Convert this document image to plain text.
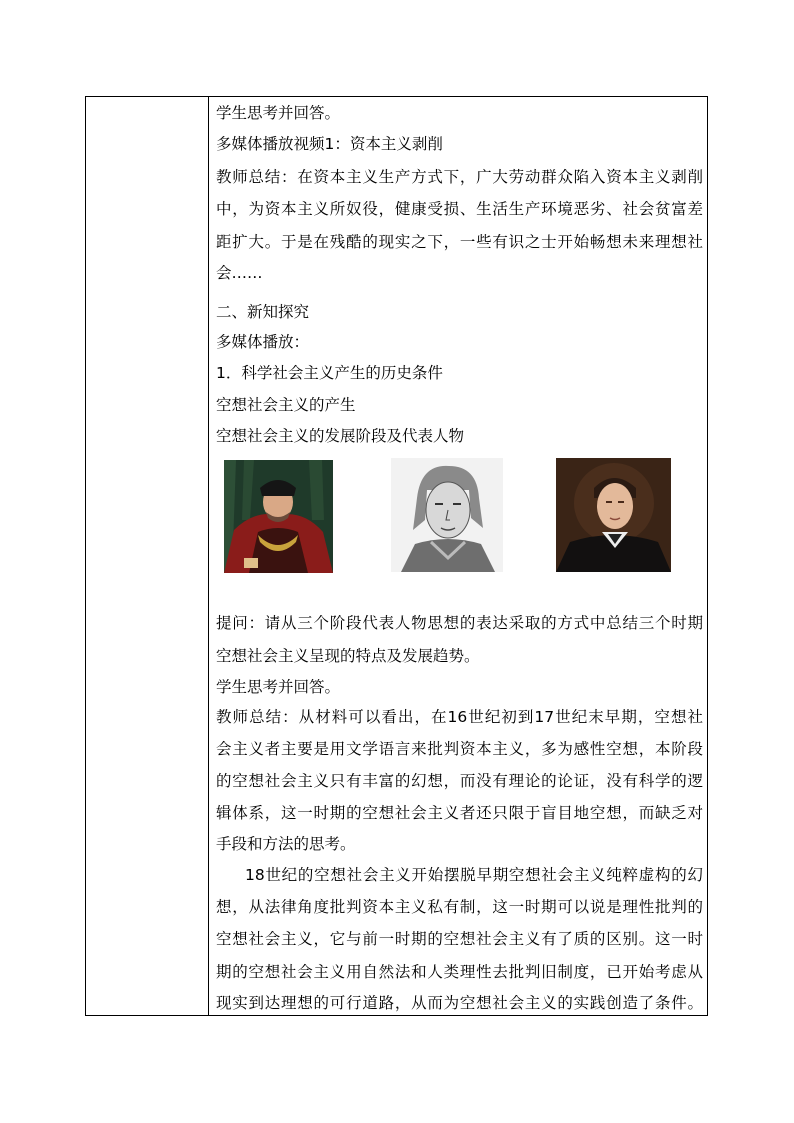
学生思考并回答。
多媒体播放视频1：资本主义剥削
教师总结：在资本主义生产方式下，广大劳动群众陷入资本主义剥削
中，为资本主义所奴役，健康受损、生活生产环境恶劣、社会贫富差
距扩大。于是在残酷的现实之下，一些有识之士开始畅想未来理想社
会……
二、新知探究
多媒体播放：
1．科学社会主义产生的历史条件
空想社会主义的产生
空想社会主义的发展阶段及代表人物
提问：请从三个阶段代表人物思想的表达采取的方式中总结三个时期
空想社会主义呈现的特点及发展趋势。
学生思考并回答。
教师总结：从材料可以看出，在16世纪初到17世纪末早期，空想社
会主义者主要是用文学语言来批判资本主义，多为感性空想，本阶段
的空想社会主义只有丰富的幻想，而没有理论的论证，没有科学的逻
辑体系，这一时期的空想社会主义者还只限于盲目地空想，而缺乏对
手段和方法的思考。
18世纪的空想社会主义开始摆脱早期空想社会主义纯粹虚构的幻
想，从法律角度批判资本主义私有制，这一时期可以说是理性批判的
空想社会主义，它与前一时期的空想社会主义有了质的区别。这一时
期的空想社会主义用自然法和人类理性去批判旧制度，已开始考虑从
现实到达理想的可行道路，从而为空想社会主义的实践创造了条件。
